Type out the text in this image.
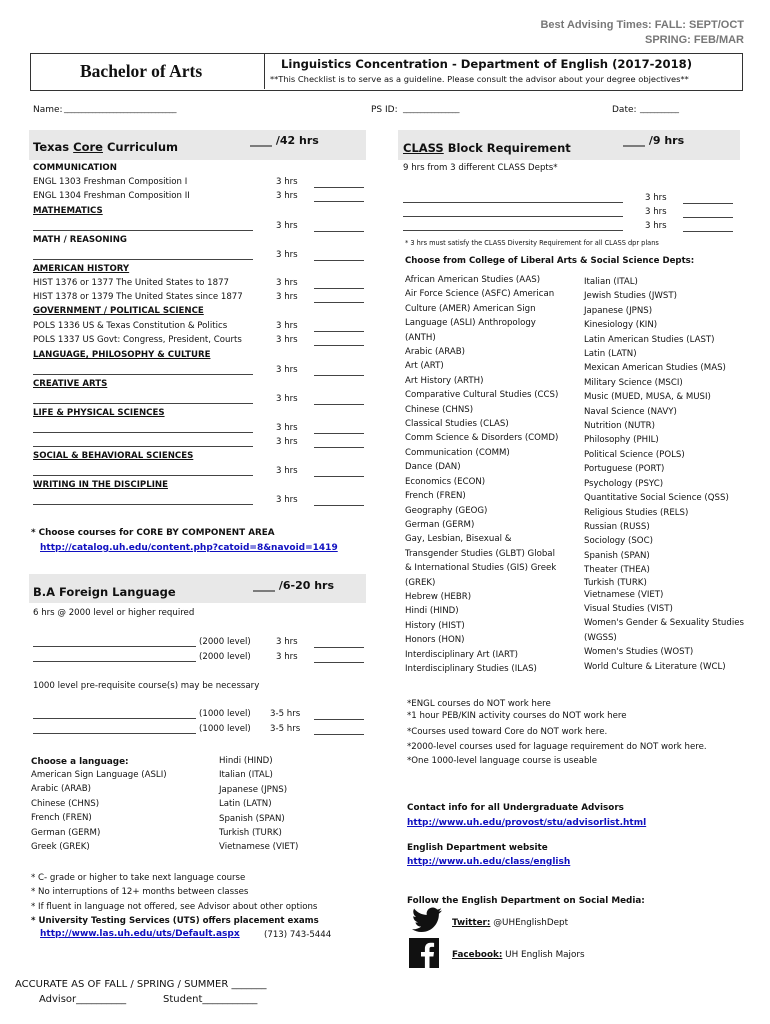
Best Advising Times: FALL: SEPT/OCT
SPRING: FEB/MAR
Bachelor of Arts	Linguistics Concentration - Department of English (2017-2018)
**This Checklist is to serve as a guideline. Please consult the advisor about your degree objectives**
Name: ________________________________	PS ID: ________________	Date: ___________
Texas Core Curriculum	____ /42 hrs
COMMUNICATION
ENGL 1303 Freshman Composition I	3 hrs
ENGL 1304 Freshman Composition II	3 hrs
MATHEMATICS
3 hrs
MATH / REASONING
3 hrs
AMERICAN HISTORY
HIST 1376 or 1377 The United States to 1877	3 hrs
HIST 1378 or 1379 The United States since 1877	3 hrs
GOVERNMENT / POLITICAL SCIENCE
POLS 1336 US & Texas Constitution & Politics	3 hrs
POLS 1337 US Govt: Congress, President, Courts	3 hrs
LANGUAGE, PHILOSOPHY & CULTURE
3 hrs
CREATIVE ARTS
3 hrs
LIFE & PHYSICAL SCIENCES
3 hrs
3 hrs
SOCIAL & BEHAVIORAL SCIENCES
3 hrs
WRITING IN THE DISCIPLINE
3 hrs
* Choose courses for CORE BY COMPONENT AREA
http://catalog.uh.edu/content.php?catoid=8&navoid=1419
B.A Foreign Language	____ /6-20 hrs
6 hrs @ 2000 level or higher required
(2000 level)	3 hrs
(2000 level)	3 hrs
1000 level pre-requisite course(s) may be necessary
(1000 level) 3-5 hrs
(1000 level) 3-5 hrs
Choose a language:
American Sign Language (ASLI)
Arabic (ARAB)
Chinese (CHNS)
French (FREN)
German (GERM)
Greek (GREK)
Hindi (HIND)
Italian (ITAL)
Japanese (JPNS)
Latin (LATN)
Spanish (SPAN)
Turkish (TURK)
Vietnamese (VIET)
* C- grade or higher to take next language course
* No interruptions of 12+ months between classes
* If fluent in language not offered, see Advisor about other options
* University Testing Services (UTS) offers placement exams
http://www.las.uh.edu/uts/Default.aspx	(713) 743-5444
CLASS Block Requirement
____ /9 hrs
9 hrs from 3 different CLASS Depts*
3 hrs
3 hrs
3 hrs
* 3 hrs must satisfy the CLASS Diversity Requirement for all CLASS dpr plans
Choose from College of Liberal Arts & Social Science Depts:
African American Studies (AAS)
Air Force Science (ASFC) American
Culture (AMER) American Sign
Language (ASLI) Anthropology
(ANTH)
Arabic (ARAB)
Art (ART)
Art History (ARTH)
Comparative Cultural Studies (CCS)
Chinese (CHNS)
Classical Studies (CLAS)
Comm Science & Disorders (COMD)
Communication (COMM)
Dance (DAN)
Economics (ECON)
French (FREN)
Geography (GEOG)
German (GERM)
Gay, Lesbian, Bisexual &
Transgender Studies (GLBT) Global
& International Studies (GIS) Greek
(GREK)
Hebrew (HEBR)
Hindi (HIND)
History (HIST)
Honors (HON)
Interdisciplinary Art (IART)
Interdisciplinary Studies (ILAS)
Italian (ITAL)
Jewish Studies (JWST)
Japanese (JPNS)
Kinesiology (KIN)
Latin American Studies (LAST)
Latin (LATN)
Mexican American Studies (MAS)
Military Science (MSCI)
Music (MUED, MUSA, & MUSI)
Naval Science (NAVY)
Nutrition (NUTR)
Philosophy (PHIL)
Political Science (POLS)
Portuguese (PORT)
Psychology (PSYC)
Quantitative Social Science (QSS)
Religious Studies (RELS)
Russian (RUSS)
Sociology (SOC)
Spanish (SPAN)
Theater (THEA)
Turkish (TURK)
Vietnamese (VIET)
Visual Studies (VIST)
Women's Gender & Sexuality Studies
(WGSS)
Women's Studies (WOST)
World Culture & Literature (WCL)
*ENGL courses do NOT work here
*1 hour PEB/KIN activity courses do NOT work here
*Courses used toward Core do NOT work here.
*2000-level courses used for laguage requirement do NOT work here.
*One 1000-level language course is useable
Contact info for all Undergraduate Advisors
http://www.uh.edu/provost/stu/advisorlist.html
English Department website
http://www.uh.edu/class/english
Follow the English Department on Social Media:
Twitter: @UHEnglishDept
Facebook: UH English Majors
ACCURATE AS OF FALL / SPRING / SUMMER _______
Advisor__________	Student___________
